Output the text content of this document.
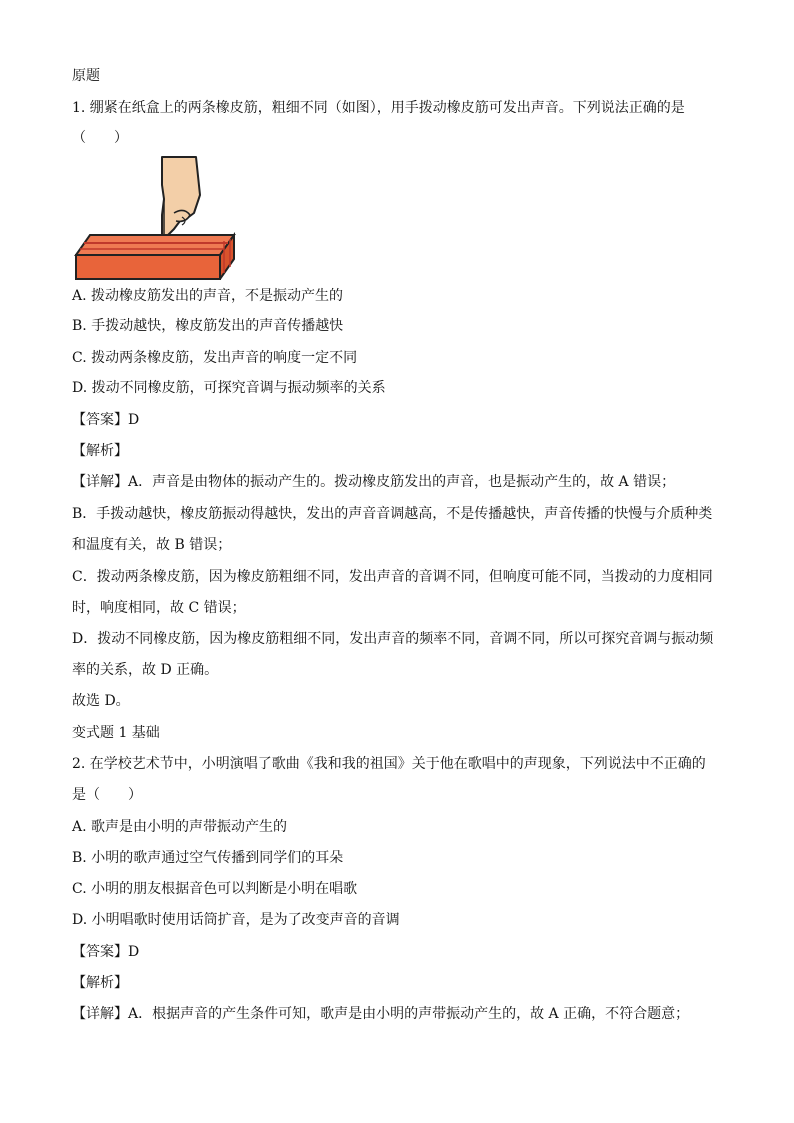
原题
1. 绷紧在纸盒上的两条橡皮筋，粗细不同（如图），用手拨动橡皮筋可发出声音。下列说法正确的是
（　　）
A. 拨动橡皮筋发出的声音，不是振动产生的
B. 手拨动越快，橡皮筋发出的声音传播越快
C. 拨动两条橡皮筋，发出声音的响度一定不同
D. 拨动不同橡皮筋，可探究音调与振动频率的关系
【答案】D
【解析】
【详解】A．声音是由物体的振动产生的。拨动橡皮筋发出的声音，也是振动产生的，故 A 错误；
B．手拨动越快，橡皮筋振动得越快，发出的声音音调越高，不是传播越快，声音传播的快慢与介质种类
和温度有关，故 B 错误；
C．拨动两条橡皮筋，因为橡皮筋粗细不同，发出声音的音调不同，但响度可能不同，当拨动的力度相同
时，响度相同，故 C 错误；
D．拨动不同橡皮筋，因为橡皮筋粗细不同，发出声音的频率不同，音调不同，所以可探究音调与振动频
率的关系，故 D 正确。
故选 D。
变式题 1 基础
2. 在学校艺术节中，小明演唱了歌曲《我和我的祖国》关于他在歌唱中的声现象，下列说法中不正确的
是（　　）
A. 歌声是由小明的声带振动产生的
B. 小明的歌声通过空气传播到同学们的耳朵
C. 小明的朋友根据音色可以判断是小明在唱歌
D. 小明唱歌时使用话筒扩音，是为了改变声音的音调
【答案】D
【解析】
【详解】A．根据声音的产生条件可知，歌声是由小明的声带振动产生的，故 A 正确，不符合题意；
